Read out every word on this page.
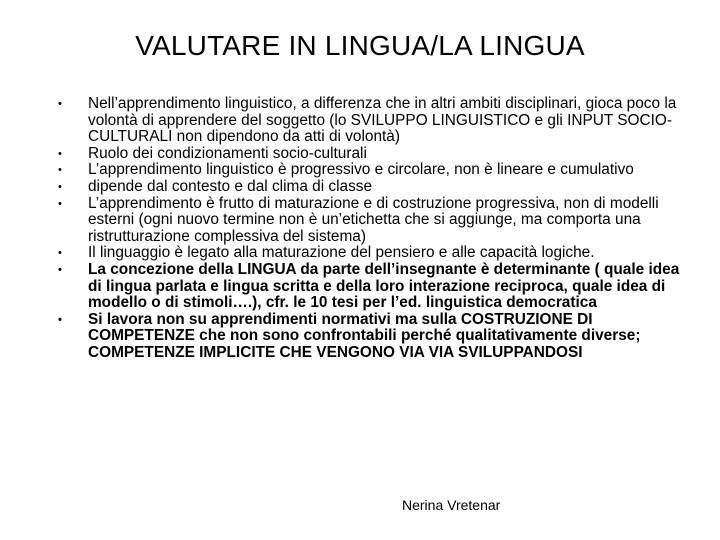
VALUTARE IN LINGUA/LA LINGUA
•	Nell’apprendimento linguistico, a differenza che in altri ambiti disciplinari, gioca poco la volontà di apprendere del soggetto (lo SVILUPPO LINGUISTICO e gli INPUT SOCIO-CULTURALI non dipendono da atti di volontà)
•	Ruolo dei condizionamenti socio-culturali
•	L’apprendimento linguistico è progressivo e circolare, non è lineare e cumulativo
•	dipende dal contesto e dal clima di classe
•	L’apprendimento è frutto di maturazione e di costruzione progressiva, non di modelli esterni (ogni nuovo termine non è un’etichetta che si aggiunge, ma comporta una ristrutturazione complessiva del sistema)
•	Il linguaggio è legato alla maturazione del pensiero e alle capacità logiche.
•	La concezione della LINGUA da parte dell’insegnante è determinante ( quale idea di lingua parlata e lingua scritta e della loro interazione reciproca, quale idea di modello o di stimoli….), cfr. le 10 tesi per l’ed. linguistica democratica
•	Si lavora non su apprendimenti normativi ma sulla COSTRUZIONE DI COMPETENZE che non sono confrontabili perché qualitativamente diverse; COMPETENZE IMPLICITE CHE VENGONO VIA VIA SVILUPPANDOSI
Nerina Vretenar
